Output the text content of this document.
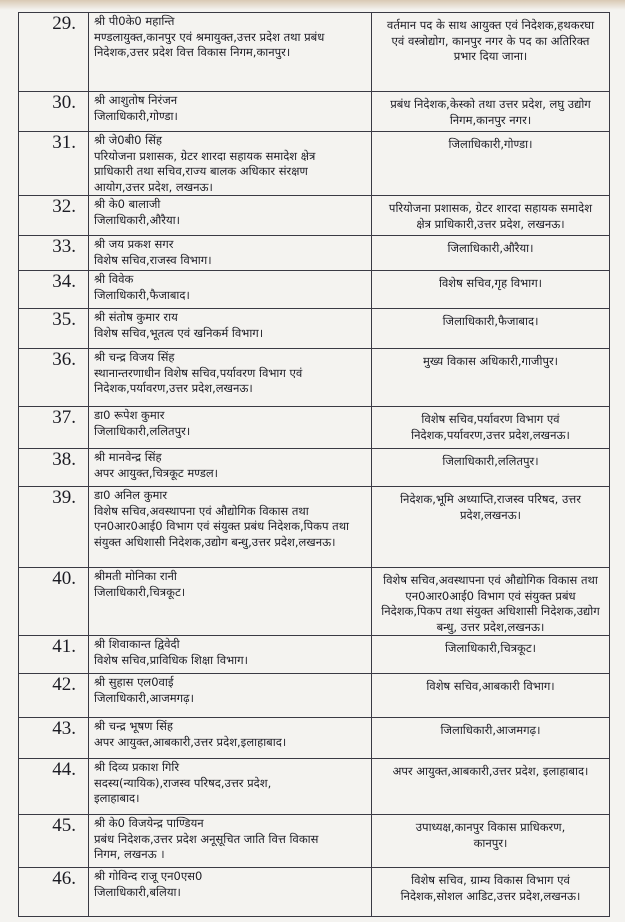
29.	श्री पी0के0 महान्ति
मण्डलायुक्त,कानपुर एवं श्रमायुक्त,उत्तर प्रदेश तथा प्रबंध
निदेशक,उत्तर प्रदेश वित्त विकास निगम,कानपुर।	वर्तमान पद के साथ आयुक्त एवं निदेशक,हथकरघा
एवं वस्त्रोद्योग, कानपुर नगर के पद का अतिरिक्त
प्रभार दिया जाना।

30.	श्री आशुतोष निरंजन
जिलाधिकारी,गोण्डा।	प्रबंध निदेशक,केस्को तथा उत्तर प्रदेश, लघु उद्योग
निगम,कानपुर नगर।

31.	श्री जे0बी0 सिंह
परियोजना प्रशासक, ग्रेटर शारदा सहायक समादेश क्षेत्र
प्राधिकारी तथा सचिव,राज्य बालक अधिकार संरक्षण
आयोग,उत्तर प्रदेश, लखनऊ।	जिलाधिकारी,गोण्डा।

32.	श्री के0 बालाजी
जिलाधिकारी,औरैया।	परियोजना प्रशासक, ग्रेटर शारदा सहायक समादेश
क्षेत्र प्राधिकारी,उत्तर प्रदेश, लखनऊ।

33.	श्री जय प्रकश सगर
विशेष सचिव,राजस्व विभाग।	जिलाधिकारी,औरैया।

34.	श्री विवेक
जिलाधिकारी,फैजाबाद।	विशेष सचिव,गृह विभाग।

35.	श्री संतोष कुमार राय
विशेष सचिव,भूतत्व एवं खनिकर्म विभाग।	जिलाधिकारी,फैजाबाद।

36.	श्री चन्द्र विजय सिंह
स्थानान्तरणाधीन विशेष सचिव,पर्यावरण विभाग एवं
निदेशक,पर्यावरण,उत्तर प्रदेश,लखनऊ।	मुख्य विकास अधिकारी,गाजीपुर।

37.	डा0 रूपेश कुमार
जिलाधिकारी,ललितपुर।	विशेष सचिव,पर्यावरण विभाग एवं
निदेशक,पर्यावरण,उत्तर प्रदेश,लखनऊ।

38.	श्री मानवेन्द्र सिंह
अपर आयुक्त,चित्रकूट मण्डल।	जिलाधिकारी,ललितपुर।

39.	डा0 अनिल कुमार
विशेष सचिव,अवस्थापना एवं औद्योगिक विकास तथा
एन0आर0आई0 विभाग एवं संयुक्त प्रबंध निदेशक,पिकप तथा
संयुक्त अधिशासी निदेशक,उद्योग बन्धु,उत्तर प्रदेश,लखनऊ।	निदेशक,भूमि अध्याप्ति,राजस्व परिषद, उत्तर
प्रदेश,लखनऊ।

40.	श्रीमती मोनिका रानी
जिलाधिकारी,चित्रकूट।	विशेष सचिव,अवस्थापना एवं औद्योगिक विकास तथा
एन0आर0आई0 विभाग एवं संयुक्त प्रबंध
निदेशक,पिकप तथा संयुक्त अधिशासी निदेशक,उद्योग
बन्धु, उत्तर प्रदेश,लखनऊ।

41.	श्री शिवाकान्त द्विवेदी
विशेष सचिव,प्राविधिक शिक्षा विभाग।	जिलाधिकारी,चित्रकूट।

42.	श्री सुहास एल0वाई
जिलाधिकारी,आजमगढ़।	विशेष सचिव,आबकारी विभाग।

43.	श्री चन्द्र भूषण सिंह
अपर आयुक्त,आबकारी,उत्तर प्रदेश,इलाहाबाद।	जिलाधिकारी,आजमगढ़।

44.	श्री दिव्य प्रकाश गिरि
सदस्य(न्यायिक),राजस्व परिषद,उत्तर प्रदेश,
इलाहाबाद।	अपर आयुक्त,आबकारी,उत्तर प्रदेश, इलाहाबाद।

45.	श्री के0 विजयेन्द्र पाण्डियन
प्रबंध निदेशक,उत्तर प्रदेश अनूसूचित जाति वित्त विकास
निगम, लखनऊ ।	उपाध्यक्ष,कानपुर विकास प्राधिकरण,
कानपुर।

46.	श्री गोविन्द राजू एन0एस0
जिलाधिकारी,बलिया।	विशेष सचिव, ग्राम्य विकास विभाग एवं
निदेशक,सोशल आडिट,उत्तर प्रदेश,लखनऊ।
